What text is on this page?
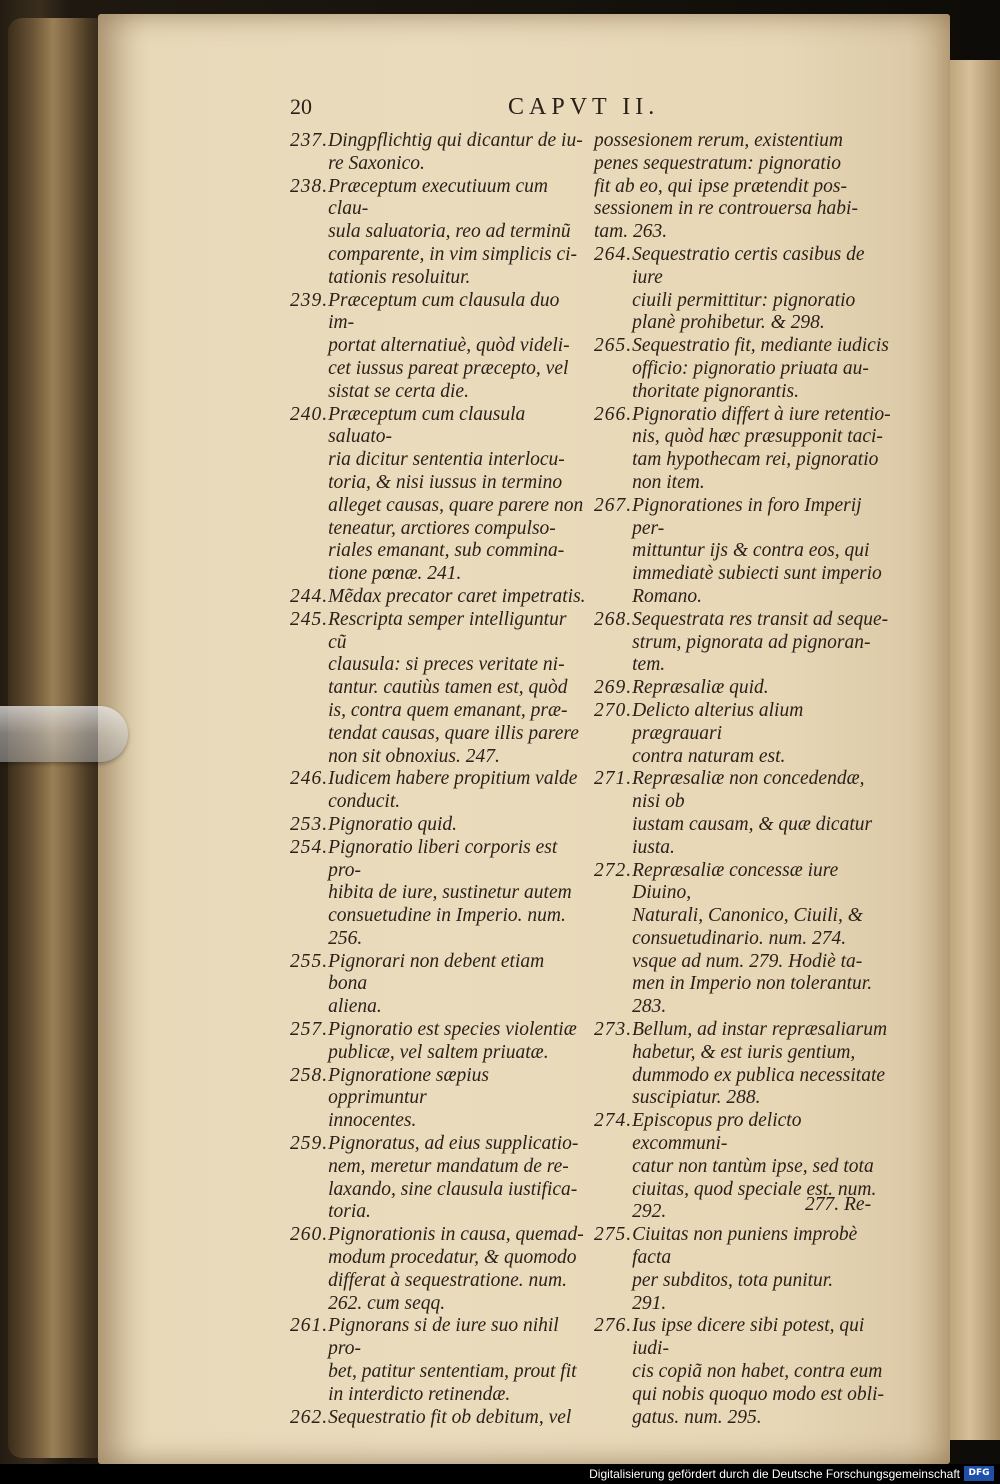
20	CAPVT II.
237. Dingpflichtig qui dicantur de iu-
re Saxonico.
238. Præceptum executiuum cum clau-
sula saluatoria, reo ad terminũ
comparente, in vim simplicis ci-
tationis resoluitur.
239. Præceptum cum clausula duo im-
portat alternatiuè, quòd videli-
cet iussus pareat præcepto, vel
sistat se certa die.
240. Præceptum cum clausula saluato-
ria dicitur sententia interlocu-
toria, & nisi iussus in termino
alleget causas, quare parere non
teneatur, arctiores compulso-
riales emanant, sub commina-
tione pœnæ. 241.
244. Mẽdax precator caret impetratis.
245. Rescripta semper intelliguntur cũ
clausula: si preces veritate ni-
tantur. cautiùs tamen est, quòd
is, contra quem emanant, præ-
tendat causas, quare illis parere
non sit obnoxius. 247.
246. Iudicem habere propitium valde
conducit.
253. Pignoratio quid.
254. Pignoratio liberi corporis est pro-
hibita de iure, sustinetur autem
consuetudine in Imperio. num.
256.
255. Pignorari non debent etiam bona
aliena.
257. Pignoratio est species violentiæ
publicæ, vel saltem priuatæ.
258. Pignoratione sæpius opprimuntur
innocentes.
259. Pignoratus, ad eius supplicatio-
nem, meretur mandatum de re-
laxando, sine clausula iustifica-
toria.
260. Pignorationis in causa, quemad-
modum procedatur, & quomodo
differat à sequestratione. num.
262. cum seqq.
261. Pignorans si de iure suo nihil pro-
bet, patitur sententiam, prout fit
in interdicto retinendæ.
262. Sequestratio fit ob debitum, vel
possesionem rerum, existentium
penes sequestratum: pignoratio
fit ab eo, qui ipse prætendit pos-
sessionem in re controuersa habi-
tam. 263.
264. Sequestratio certis casibus de iure
ciuili permittitur: pignoratio
planè prohibetur. & 298.
265. Sequestratio fit, mediante iudicis
officio: pignoratio priuata au-
thoritate pignorantis.
266. Pignoratio differt à iure retentio-
nis, quòd hæc præsupponit taci-
tam hypothecam rei, pignoratio
non item.
267. Pignorationes in foro Imperij per-
mittuntur ijs & contra eos, qui
immediatè subiecti sunt imperio
Romano.
268. Sequestrata res transit ad seque-
strum, pignorata ad pignoran-
tem.
269. Repræsaliæ quid.
270. Delicto alterius alium prægrauari
contra naturam est.
271. Repræsaliæ non concedendæ, nisi ob
iustam causam, & quæ dicatur
iusta.
272. Repræsaliæ concessæ iure Diuino,
Naturali, Canonico, Ciuili, &
consuetudinario. num. 274.
vsque ad num. 279. Hodiè ta-
men in Imperio non tolerantur.
283.
273. Bellum, ad instar repræsaliarum
habetur, & est iuris gentium,
dummodo ex publica necessitate
suscipiatur. 288.
274. Episcopus pro delicto excommuni-
catur non tantùm ipse, sed tota
ciuitas, quod speciale est. num.
292.
275. Ciuitas non puniens improbè facta
per subditos, tota punitur.
291.
276. Ius ipse dicere sibi potest, qui iudi-
cis copiã non habet, contra eum
qui nobis quoquo modo est obli-
gatus. num. 295.
277. Re-
Digitalisierung gefördert durch die Deutsche Forschungsgemeinschaft DFG
